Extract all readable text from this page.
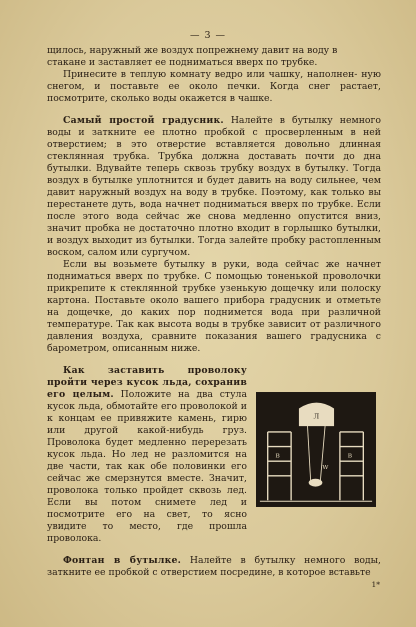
— 3 —

щилось, наружный же воздух попрежнему давит на воду в

стакане и заставляет ее подниматься вверх по трубке.

Принесите в теплую комнату ведро или чашку, наполнен- ную снегом, и поставьте ее около печки. Когда снег растает, посмотрите, сколько воды окажется в чашке.

Самый простой градусник. Налейте в бутылку немного воды и заткните ее плотно пробкой с просверленным в ней отверстием; в это отверстие вставляется довольно длинная стеклянная трубка. Трубка должна доставать почти до дна бутылки. Вдувайте теперь сквозь трубку воздух в бутылку. Тогда воздух в бутылке уплотнится и будет давить на воду сильнее, чем давит наружный воздух на воду в трубке. Поэтому, как только вы перестанете дуть, вода начнет подниматься вверх по трубке. Если после этого вода сейчас же снова медленно опустится вниз, значит пробка не достаточно плотно входит в горлышко бутылки, и воздух выходит из бутылки. Тогда залейте пробку растопленным воском, салом или сургучом.

Если вы возьмете бутылку в руки, вода сейчас же начнет подниматься вверх по трубке. С помощью тоненькой проволочки прикрепите к стеклянной трубке узенькую дощечку или полоску картона. Поставьте около вашего прибора градусник и отметьте на дощечке, до каких пор поднимется вода при различной температуре. Так как высота воды в трубке зависит от различного давления воздуха, сравните показания вашего градусника с барометром, описанным ниже.

Как заставить проволоку пройти через кусок льда, сохранив его целым. Положите на два стула кусок льда, обмотайте его проволокой и к концам ее привяжите камень, гирю или другой какой-нибудь груз. Проволока будет медленно перерезать кусок льда. Но лед не разломится на две части, так как обе половинки его сейчас же смерзнутся вместе. Значит, проволока только пройдет сквозь лед. Если вы потом снимете лед и посмотрите его на свет, то ясно увидите то место, где прошла проволока.

Фонтан в бутылке. Налейте в бутылку немного воды, заткните ее пробкой с отверстием посредине, в которое вставьте

Л
В	В
W
1*
